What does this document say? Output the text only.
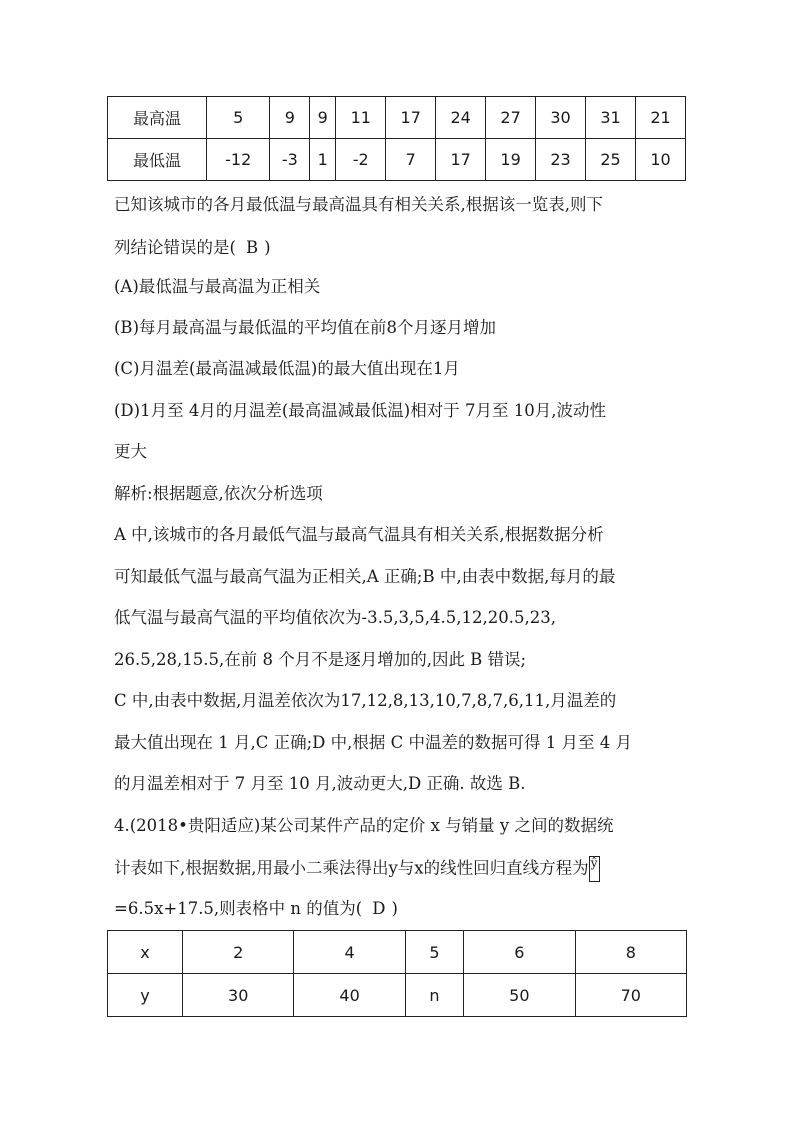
最高温	5	9	9	11	17	24	27	30	31	21
最低温	-12	-3	1	-2	7	17	19	23	25	10
已知该城市的各月最低温与最高温具有相关关系,根据该一览表,则下
列结论错误的是( B )
(A)最低温与最高温为正相关
(B)每月最高温与最低温的平均值在前8个月逐月增加
(C)月温差(最高温减最低温)的最大值出现在1月
(D)1月至 4月的月温差(最高温减最低温)相对于 7月至 10月,波动性
更大
解析:根据题意,依次分析选项
A 中,该城市的各月最低气温与最高气温具有相关关系,根据数据分析
可知最低气温与最高气温为正相关,A 正确;B 中,由表中数据,每月的最
低气温与最高气温的平均值依次为-3.5,3,5,4.5,12,20.5,23,
26.5,28,15.5,在前 8 个月不是逐月增加的,因此 B 错误;
C 中,由表中数据,月温差依次为17,12,8,13,10,7,8,7,6,11,月温差的
最大值出现在 1 月,C 正确;D 中,根据 C 中温差的数据可得 1 月至 4 月
的月温差相对于 7 月至 10 月,波动更大,D 正确. 故选 B.
4.(2018•贵阳适应)某公司某件产品的定价 x 与销量 y 之间的数据统
计表如下,根据数据,用最小二乘法得出y与x的线性回归直线方程为 ŷ
=6.5x+17.5,则表格中 n 的值为( D )
x	2	4	5	6	8
y	30	40	n	50	70
